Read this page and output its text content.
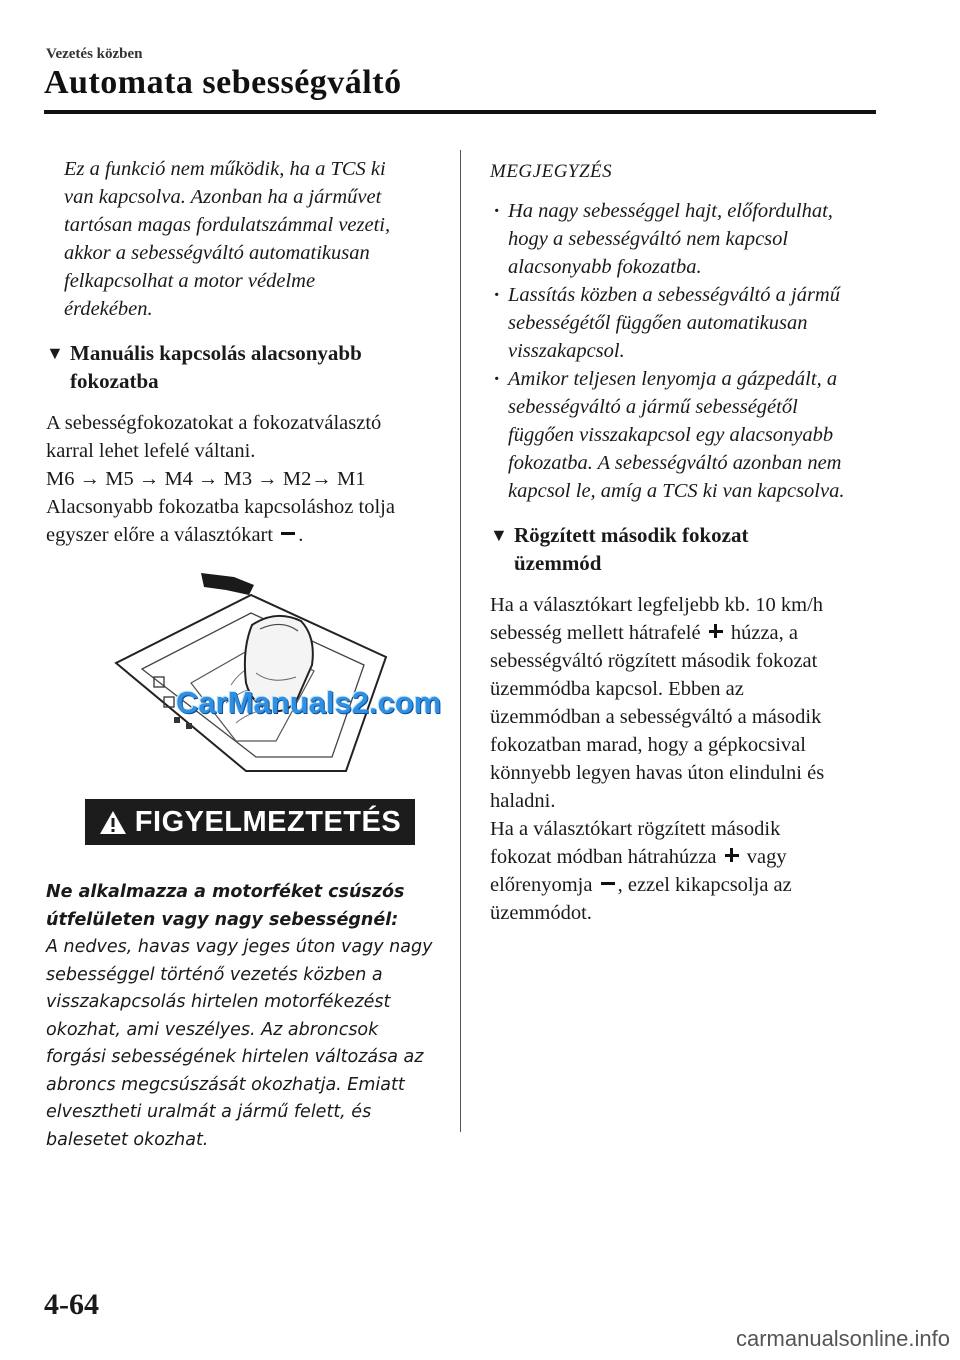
Vezetés közben
Automata sebességváltó

Ez a funkció nem működik, ha a TCS ki

van kapcsolva. Azonban ha a járművet

tartósan magas fordulatszámmal vezeti,

akkor a sebességváltó automatikusan

felkapcsolhat a motor védelme

érdekében.

▼ Manuális kapcsolás alacsonyabb
fokozatba

A sebességfokozatokat a fokozatválasztó

karral lehet lefelé váltani.

M6 → M5 → M4 → M3 → M2→ M1

Alacsonyabb fokozatba kapcsoláshoz tolja

egyszer előre a választókart .

CarManuals2.com
FIGYELMEZTETÉS

Ne alkalmazza a motorféket csúszós

útfelületen vagy nagy sebességnél:

A nedves, havas vagy jeges úton vagy nagy

sebességgel történő vezetés közben a

visszakapcsolás hirtelen motorfékezést

okozhat, ami veszélyes. Az abroncsok

forgási sebességének hirtelen változása az

abroncs megcsúszását okozhatja. Emiatt

elvesztheti uralmát a jármű felett, és

balesetet okozhat.

MEGJEGYZÉS
· Ha nagy sebességgel hajt, előfordulhat,
hogy a sebességváltó nem kapcsol
alacsonyabb fokozatba.
· Lassítás közben a sebességváltó a jármű
sebességétől függően automatikusan
visszakapcsol.
· Amikor teljesen lenyomja a gázpedált, a
sebességváltó a jármű sebességétől
függően visszakapcsol egy alacsonyabb
fokozatba. A sebességváltó azonban nem
kapcsol le, amíg a TCS ki van kapcsolva.
▼ Rögzített második fokozat
üzemmód

Ha a választókart legfeljebb kb. 10 km/h

sebesség mellett hátrafelé  húzza, a

sebességváltó rögzített második fokozat

üzemmódba kapcsol. Ebben az

üzemmódban a sebességváltó a második

fokozatban marad, hogy a gépkocsival

könnyebb legyen havas úton elindulni és

haladni.

Ha a választókart rögzített második

fokozat módban hátrahúzza  vagy

előrenyomja , ezzel kikapcsolja az

üzemmódot.

4-64
carmanualsonline.info
